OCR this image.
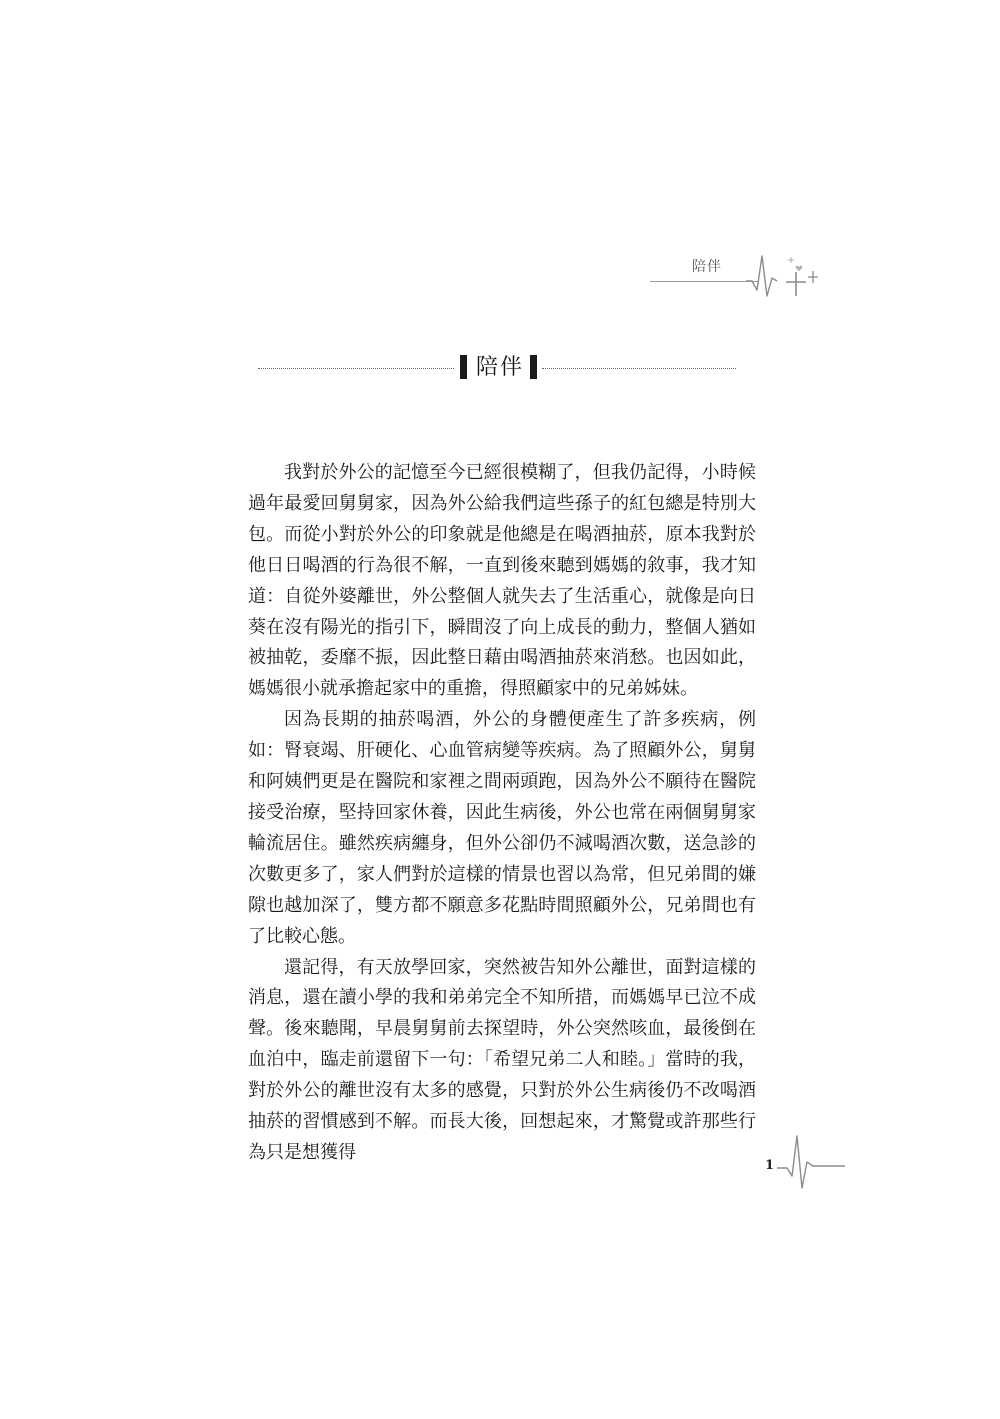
陪伴
陪伴

我對於外公的記憶至今已經很模糊了，但我仍記得，小時候過年最愛回舅舅家，因為外公給我們這些孫子的紅包總是特別大包。而從小對於外公的印象就是他總是在喝酒抽菸，原本我對於他日日喝酒的行為很不解，一直到後來聽到媽媽的敘事，我才知道：自從外婆離世，外公整個人就失去了生活重心，就像是向日葵在沒有陽光的指引下，瞬間沒了向上成長的動力，整個人猶如被抽乾，委靡不振，因此整日藉由喝酒抽菸來消愁。也因如此，媽媽很小就承擔起家中的重擔，得照顧家中的兄弟姊妹。

因為長期的抽菸喝酒，外公的身體便產生了許多疾病，例如：腎衰竭、肝硬化、心血管病變等疾病。為了照顧外公，舅舅和阿姨們更是在醫院和家裡之間兩頭跑，因為外公不願待在醫院接受治療，堅持回家休養，因此生病後，外公也常在兩個舅舅家輪流居住。雖然疾病纏身，但外公卻仍不減喝酒次數，送急診的次數更多了，家人們對於這樣的情景也習以為常，但兄弟間的嫌隙也越加深了，雙方都不願意多花點時間照顧外公，兄弟間也有了比較心態。

還記得，有天放學回家，突然被告知外公離世，面對這樣的消息，還在讀小學的我和弟弟完全不知所措，而媽媽早已泣不成聲。後來聽聞，早晨舅舅前去探望時，外公突然咳血，最後倒在血泊中，臨走前還留下一句：「希望兄弟二人和睦。」當時的我，對於外公的離世沒有太多的感覺，只對於外公生病後仍不改喝酒抽菸的習慣感到不解。而長大後，回想起來，才驚覺或許那些行為只是想獲得

1
